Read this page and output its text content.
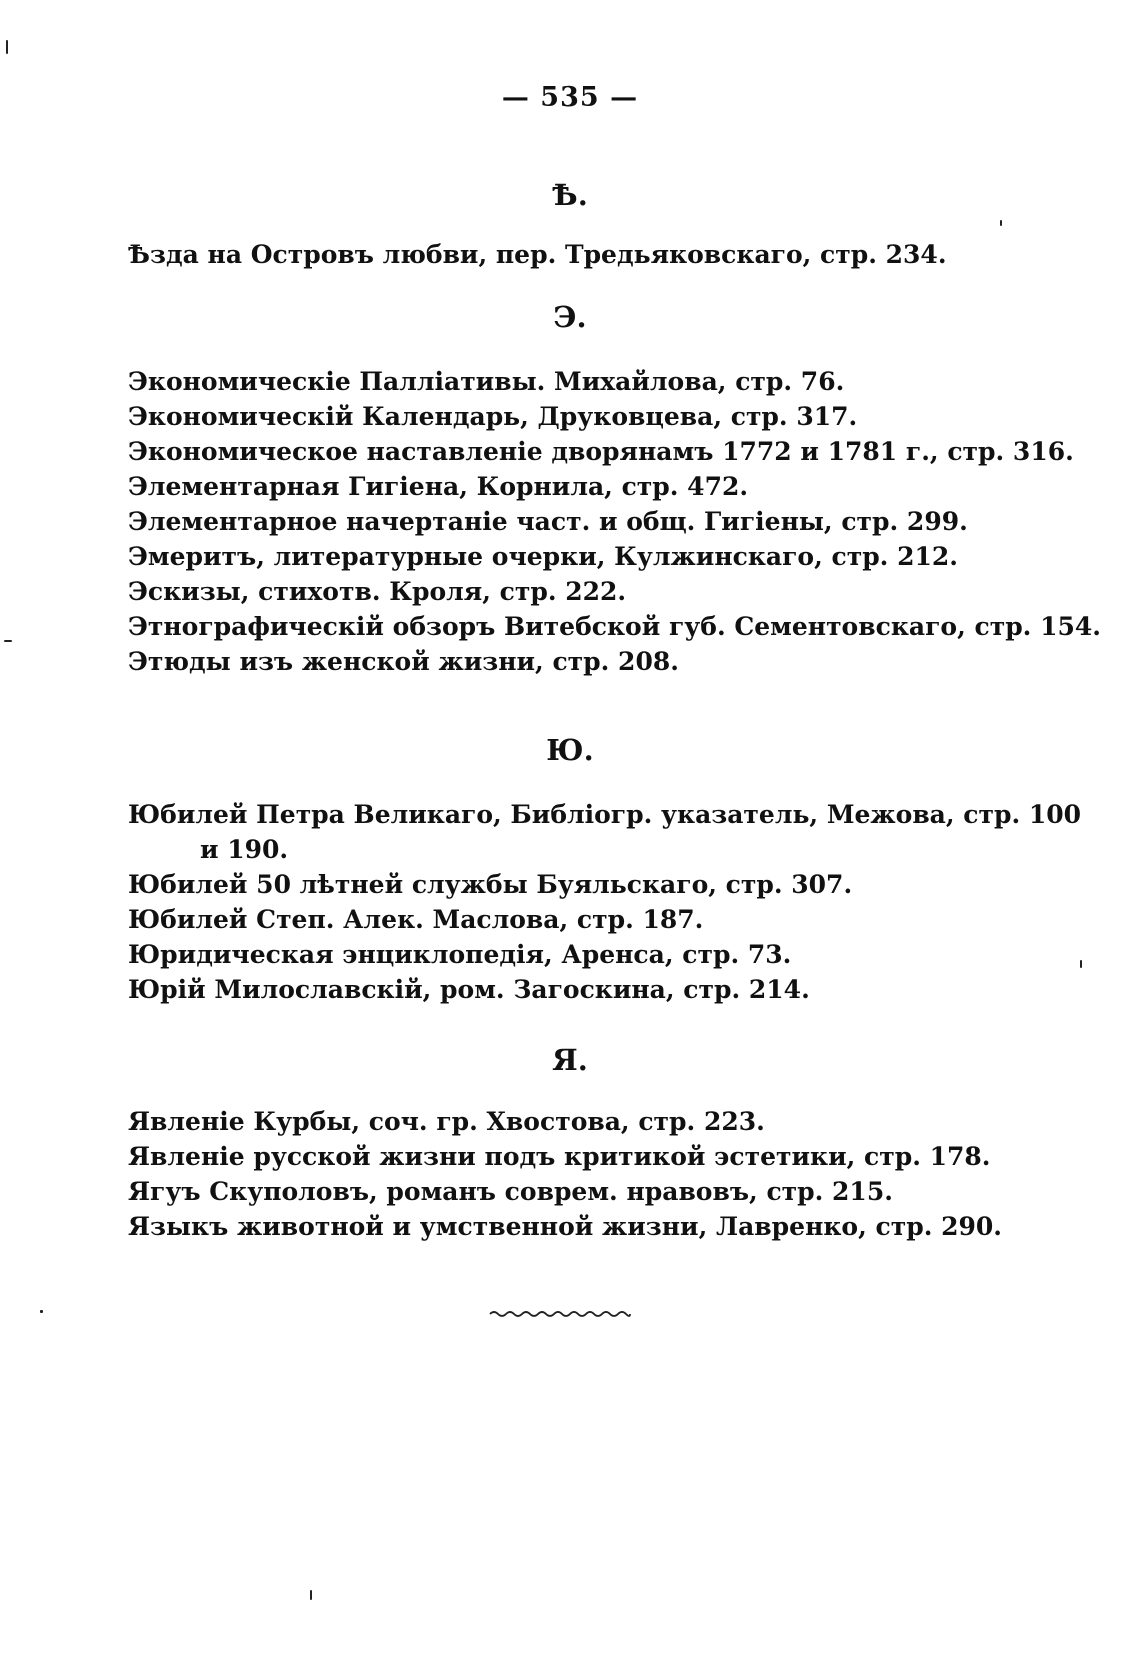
— 535 —
Ѣ.
Ѣзда на Островъ любви, пер. Тредьяковскаго, стр. 234.
Э.
Экономическіе Палліативы. Михайлова, стр. 76.
Экономическій Календарь, Друковцева, стр. 317.
Экономическое наставленіе дворянамъ 1772 и 1781 г., стр. 316.
Элементарная Гигіена, Корнилa, стр. 472.
Элементарное начертаніе част. и общ. Гигіены, стр. 299.
Эмеритъ, литературные очерки, Кулжинскаго, стр. 212.
Эскизы, стихотв. Кроля, стр. 222.
Этнографическій обзоръ Витебской губ. Сементовскаго, стр. 154.
Этюды изъ женской жизни, стр. 208.
Ю.
Юбилей Петра Великаго, Библіогр. указатель, Межова, стр. 100
и 190.
Юбилей 50 лѣтней службы Буяльскаго, стр. 307.
Юбилей Степ. Алек. Маслова, стр. 187.
Юридическая энциклопедія, Аренса, стр. 73.
Юрій Милославскій, ром. Загоскина, стр. 214.
Я.
Явленіе Курбы, соч. гр. Хвостова, стр. 223.
Явленіе русской жизни подъ критикой эстетики, стр. 178.
Ягуъ Скуполовъ, романъ соврем. нравовъ, стр. 215.
Языкъ животной и умственной жизни, Лавренко, стр. 290.
